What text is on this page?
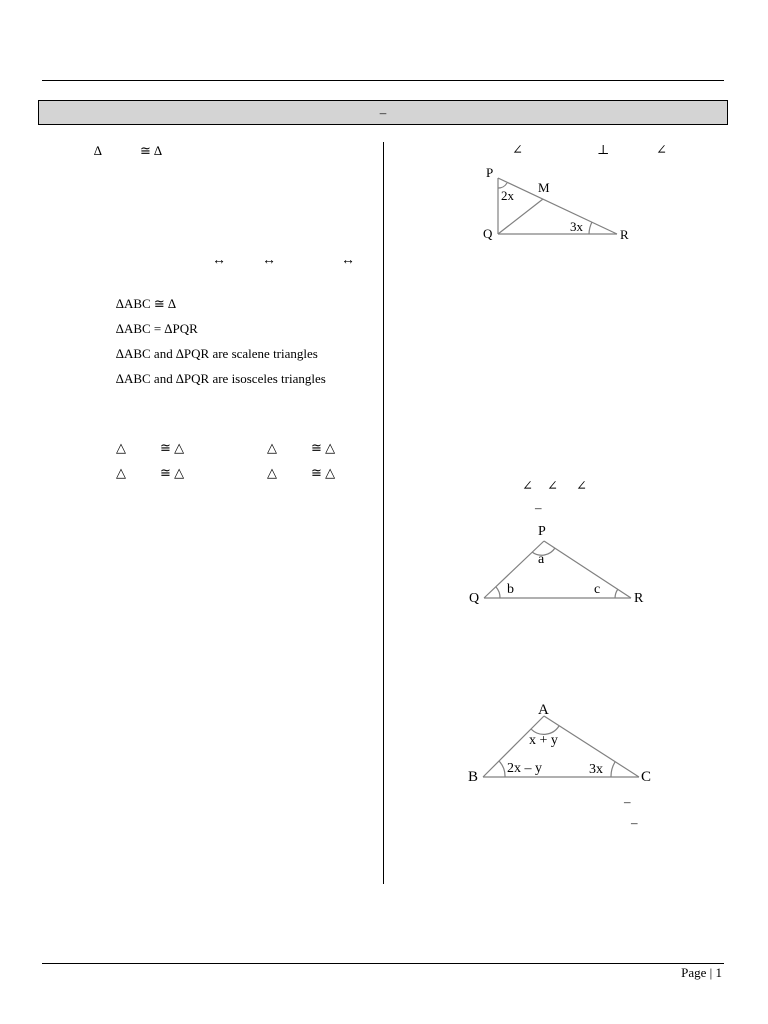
–
∆	≅ ∆
↔	↔	↔
∆ABC ≅ ∆
∆ABC = ∆PQR
∆ABC and ∆PQR are scalene triangles
∆ABC and ∆PQR are isosceles triangles
△	≅ △	△	≅ △
△	≅ △	△	≅ △
∠	⊥	∠
P
Q	R
M
2x
3x
∠ ∠ ∠
–
P
Q	R
a
b	c
A
B	C
x + y
2x – y	3x
–
–
Page | 1
